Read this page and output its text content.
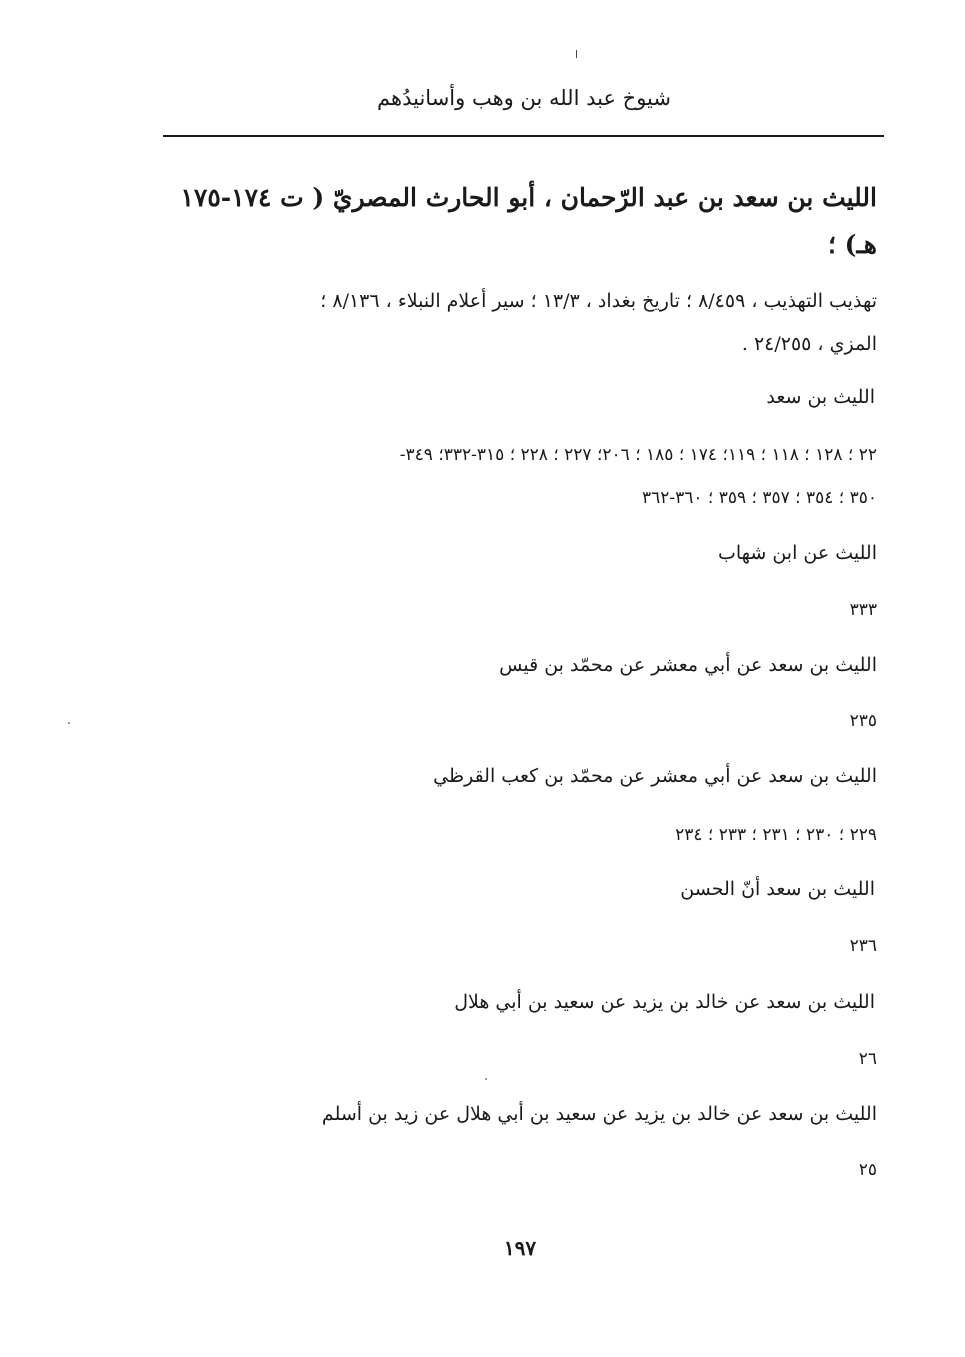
شيوخ عبد الله بن وهب وأسانيدُهم
الليث بن سعد بن عبد الرّحمان ، أبو الحارث المصريّ ( ت ١٧٤-١٧٥
هـ) ؛
تهذيب التهذيب ، ٨/٤٥٩ ؛ تاريخ بغداد ، ١٣/٣ ؛ سير أعلام النبلاء ، ٨/١٣٦ ؛
المزي ، ٢٤/٢٥٥ .
الليث بن سعد
٢٢ ؛ ١٢٨ ؛ ١١٨ ؛ ١١٩؛ ١٧٤ ؛ ١٨٥ ؛ ٢٠٦؛ ٢٢٧ ؛ ٢٢٨ ؛ ٣١٥-٣٣٢؛ ٣٤٩-
٣٥٠ ؛ ٣٥٤ ؛ ٣٥٧ ؛ ٣٥٩ ؛ ٣٦٠-٣٦٢
الليث عن ابن شهاب
٣٣٣
الليث بن سعد عن أبي معشر عن محمّد بن قيس
٢٣٥
الليث بن سعد عن أبي معشر عن محمّد بن كعب القرظي
٢٢٩ ؛ ٢٣٠ ؛ ٢٣١ ؛ ٢٣٣ ؛ ٢٣٤
الليث بن سعد أنّ الحسن
٢٣٦
الليث بن سعد عن خالد بن يزيد عن سعيد بن أبي هلال
٢٦
الليث بن سعد عن خالد بن يزيد عن سعيد بن أبي هلال عن زيد بن أسلم
٢٥
١٩٧
